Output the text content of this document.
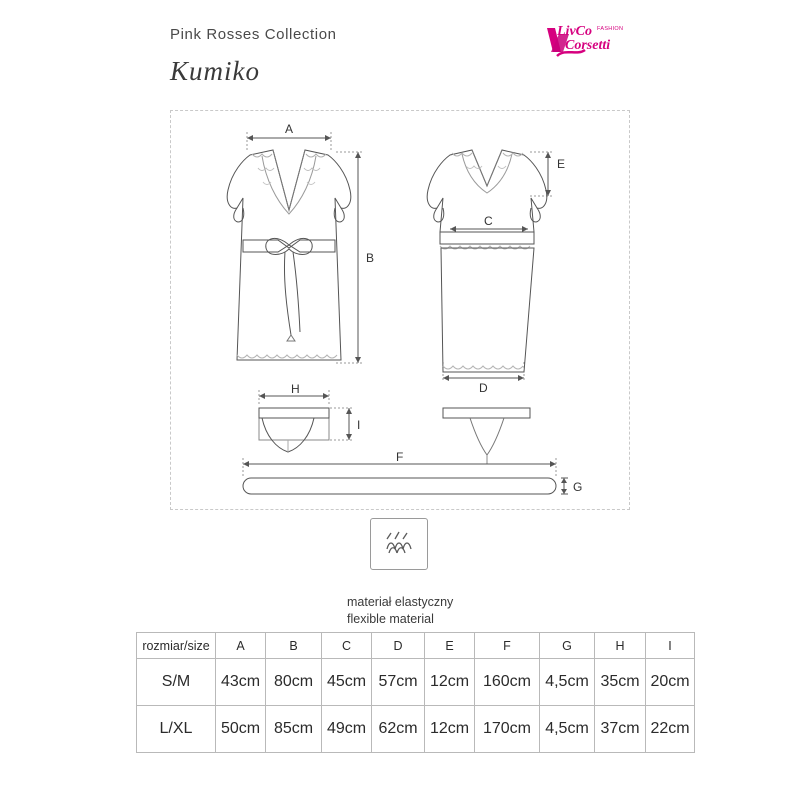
Pink Rosses Collection
Kumiko
LivCo
Corsetti
FASHION
A
B
C
D
E
F
G
H
I
materiał elastyczny
flexible material
rozmiar/size	A	B	C	D	E	F	G	H	I
S/M	43cm	80cm	45cm	57cm	12cm	160cm	4,5cm	35cm	20cm
L/XL	50cm	85cm	49cm	62cm	12cm	170cm	4,5cm	37cm	22cm
